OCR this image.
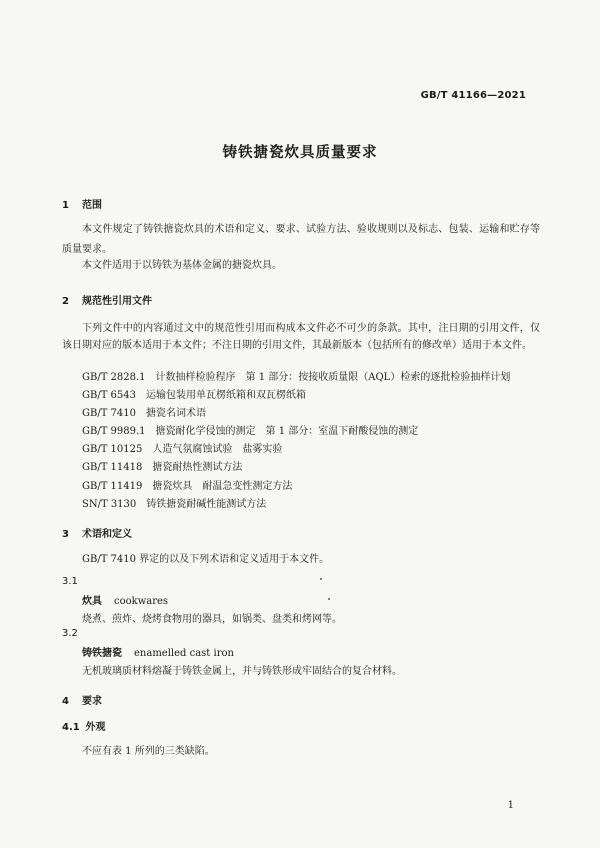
GB/T 41166—2021
铸铁搪瓷炊具质量要求
1 范围
本文件规定了铸铁搪瓷炊具的术语和定义、要求、试验方法、验收规则以及标志、包装、运输和贮存等质量要求。
本文件适用于以铸铁为基体金属的搪瓷炊具。
2 规范性引用文件
下列文件中的内容通过文中的规范性引用而构成本文件必不可少的条款。其中，注日期的引用文件，仅该日期对应的版本适用于本文件；不注日期的引用文件，其最新版本（包括所有的修改单）适用于本文件。
GB/T 2828.1　 计数抽样检验程序　第 1 部分：按接收质量限（AQL）检索的逐批检验抽样计划
GB/T 6543　 运输包装用单瓦楞纸箱和双瓦楞纸箱
GB/T 7410　 搪瓷名词术语
GB/T 9989.1　 搪瓷耐化学侵蚀的测定　第 1 部分：室温下耐酸侵蚀的测定
GB/T 10125　 人造气氛腐蚀试验　盐雾实验
GB/T 11418　 搪瓷耐热性测试方法
GB/T 11419　 搪瓷炊具　耐温急变性测定方法
SN/T 3130　 铸铁搪瓷耐碱性能测试方法
3 术语和定义
GB/T 7410 界定的以及下列术语和定义适用于本文件。
3.1
炊具 cookwares
烧煮、煎炸、烧烤食物用的器具，如锅类、盘类和烤网等。
3.2
铸铁搪瓷 enamelled cast iron
无机玻璃质材料熔凝于铸铁金属上，并与铸铁形成牢固结合的复合材料。
4 要求
4.1 外观
不应有表 1 所列的三类缺陷。
1
